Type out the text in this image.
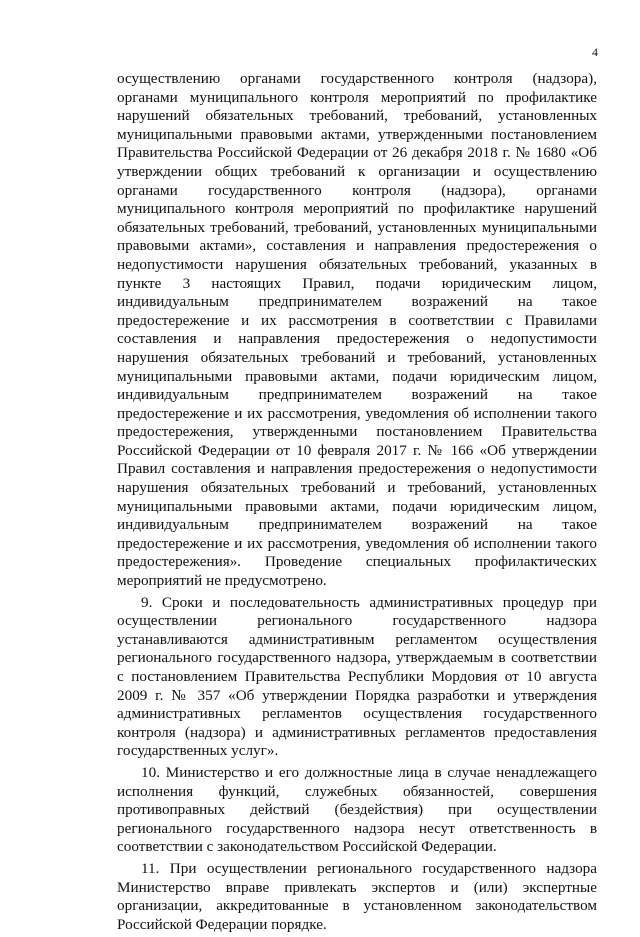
4

осуществлению органами государственного контроля (надзора), органами муниципального контроля мероприятий по профилактике нарушений обязательных требований, требований, установленных муниципальными правовыми актами, утвержденными постановлением Правительства Российской Федерации от 26 декабря 2018 г. № 1680 «Об утверждении общих требований к организации и осуществлению органами государственного контроля (надзора), органами муниципального контроля мероприятий по профилактике нарушений обязательных требований, требований, установленных муниципальными правовыми актами», составления и направления предостережения о недопустимости нарушения обязательных требований, указанных в пункте 3 настоящих Правил, подачи юридическим лицом, индивидуальным предпринимателем возражений на такое предостережение и их рассмотрения в соответствии с Правилами составления и направления предостережения о недопустимости нарушения обязательных требований и требований, установленных муниципальными правовыми актами, подачи юридическим лицом, индивидуальным предпринимателем возражений на такое предостережение и их рассмотрения, уведомления об исполнении такого предостережения, утвержденными постановлением Правительства Российской Федерации от 10 февраля 2017 г. № 166 «Об утверждении Правил составления и направления предостережения о недопустимости нарушения обязательных требований и требований, установленных муниципальными правовыми актами, подачи юридическим лицом, индивидуальным предпринимателем возражений на такое предостережение и их рассмотрения, уведомления об исполнении такого предостережения». Проведение специальных профилактических мероприятий не предусмотрено.

9. Сроки и последовательность административных процедур при осуществлении регионального государственного надзора устанавливаются административным регламентом осуществления регионального государственного надзора, утверждаемым в соответствии с постановлением Правительства Республики Мордовия от 10 августа 2009 г. № 357 «Об утверждении Порядка разработки и утверждения административных регламентов осуществления государственного контроля (надзора) и административных регламентов предоставления государственных услуг».

10. Министерство и его должностные лица в случае ненадлежащего исполнения функций, служебных обязанностей, совершения противоправных действий (бездействия) при осуществлении регионального государственного надзора несут ответственность в соответствии с законодательством Российской Федерации.

11. При осуществлении регионального государственного надзора Министерство вправе привлекать экспертов и (или) экспертные организации, аккредитованные в установленном законодательством Российской Федерации порядке.
